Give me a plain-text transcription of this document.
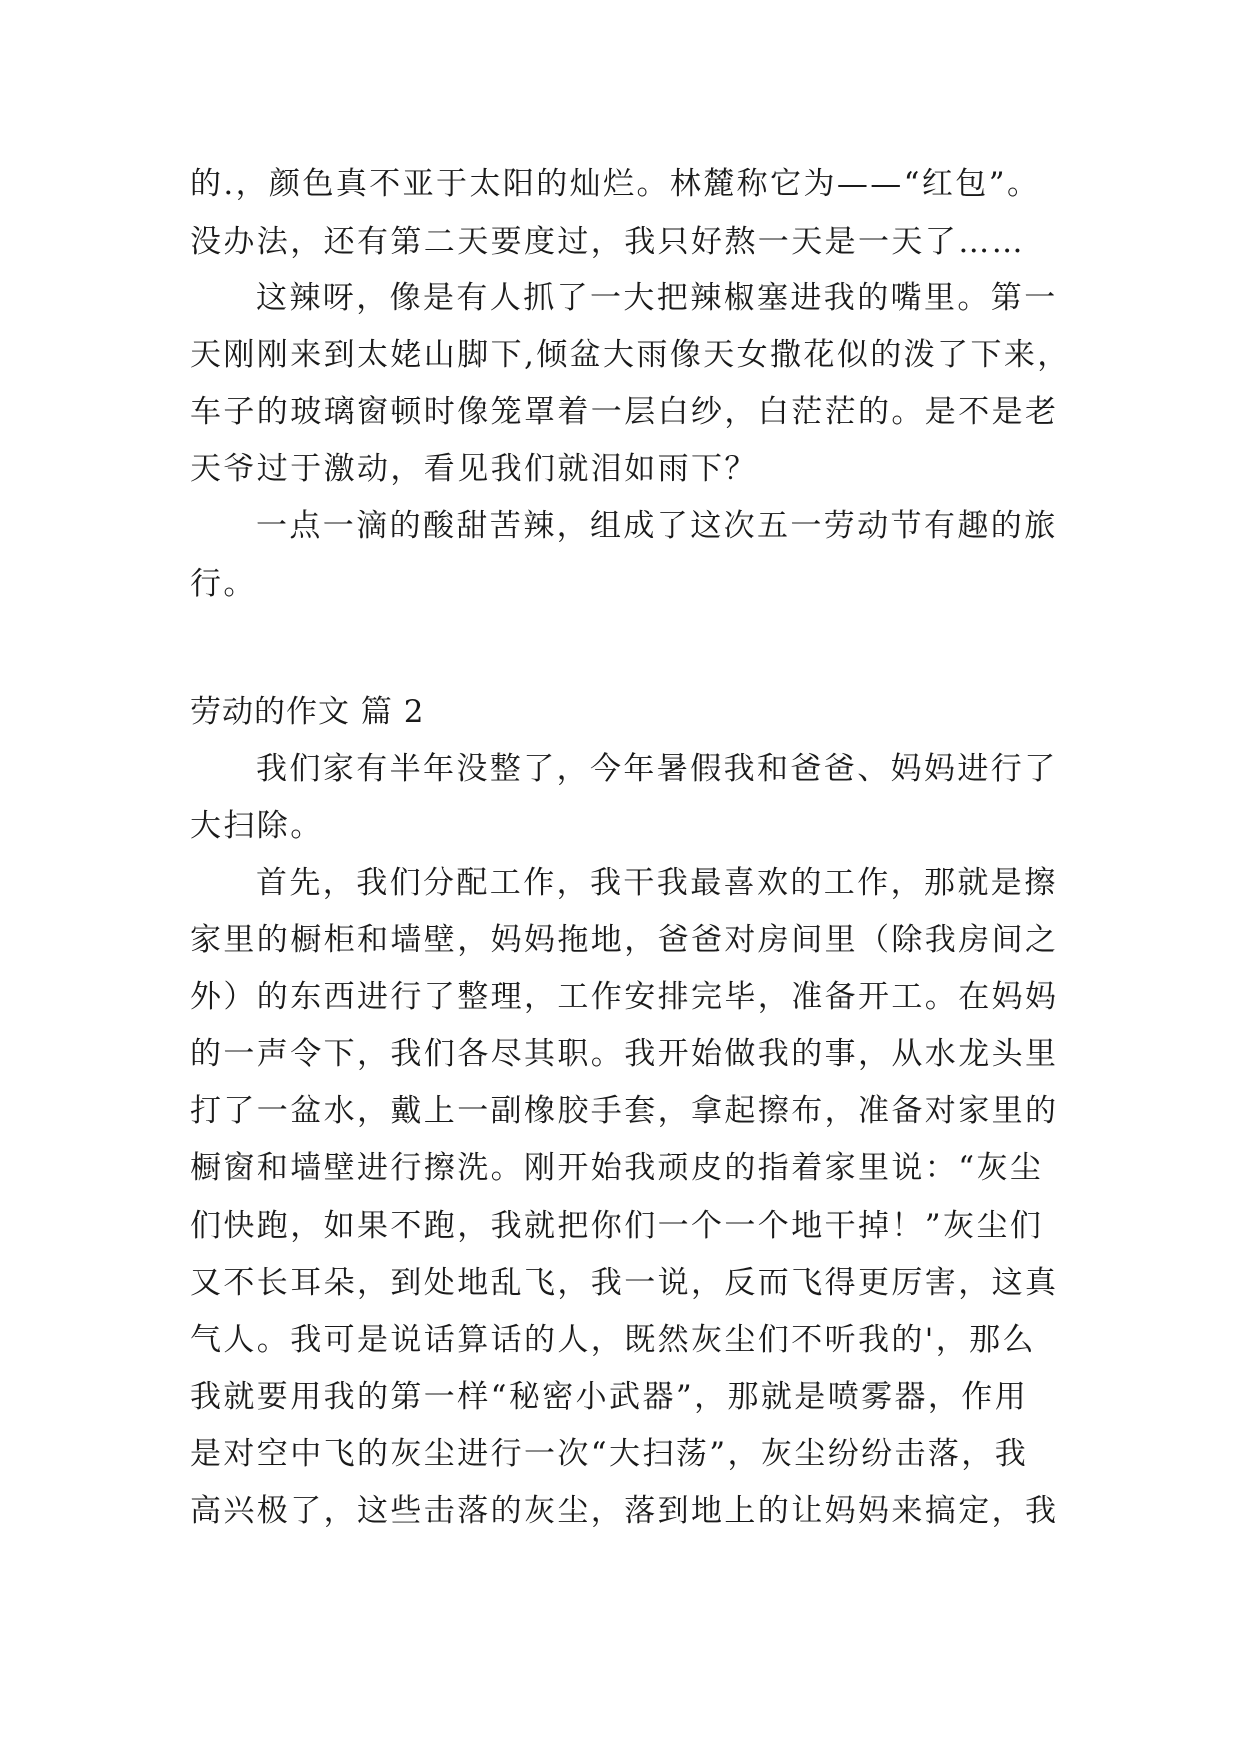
的.，颜色真不亚于太阳的灿烂。林麓称它为——“红包”。
没办法，还有第二天要度过，我只好熬一天是一天了……
这辣呀，像是有人抓了一大把辣椒塞进我的嘴里。第一
天刚刚来到太姥山脚下,倾盆大雨像天女撒花似的泼了下来，
车子的玻璃窗顿时像笼罩着一层白纱，白茫茫的。是不是老
天爷过于激动，看见我们就泪如雨下？
一点一滴的酸甜苦辣，组成了这次五一劳动节有趣的旅
行。
劳动的作文 篇 2
我们家有半年没整了，今年暑假我和爸爸、妈妈进行了
大扫除。
首先，我们分配工作，我干我最喜欢的工作，那就是擦
家里的橱柜和墙壁，妈妈拖地，爸爸对房间里（除我房间之
外）的东西进行了整理，工作安排完毕，准备开工。在妈妈
的一声令下，我们各尽其职。我开始做我的事，从水龙头里
打了一盆水，戴上一副橡胶手套，拿起擦布，准备对家里的
橱窗和墙壁进行擦洗。刚开始我顽皮的指着家里说：“灰尘
们快跑，如果不跑，我就把你们一个一个地干掉！”灰尘们
又不长耳朵，到处地乱飞，我一说，反而飞得更厉害，这真
气人。我可是说话算话的人，既然灰尘们不听我的'，那么
我就要用我的第一样“秘密小武器”，那就是喷雾器，作用
是对空中飞的灰尘进行一次“大扫荡”，灰尘纷纷击落，我
高兴极了，这些击落的灰尘，落到地上的让妈妈来搞定，我
